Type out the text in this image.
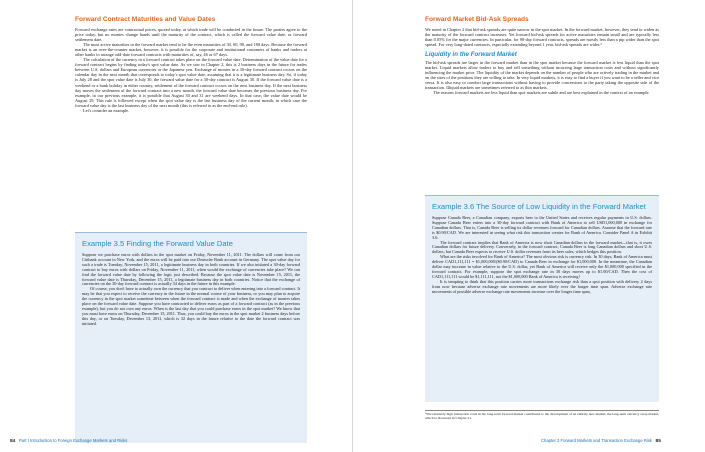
Forward Contract Maturities and Value Dates

Forward exchange rates are contractual prices, quoted today, at which trade will be conducted in the future. The parties agree to the price today, but no monies change hands until the maturity of the contract, which is called the forward value date, or forward settlement date.

The most active maturities in the forward market tend to be the even maturities of 30, 60, 90, and 180 days. Because the forward market is an over-the-counter market, however, it is possible for the corporate and institutional customers of banks and traders at other banks to arrange odd-date forward contracts with maturities of, say, 46 or 67 days.

The calculation of the currency in a forward contract takes place on the forward value date. Determination of the value date for a forward contract begins by finding today's spot value date. As we saw in Chapter 2, this is 2 business days in the future for trades between U.S. dollars and European currencies or the Japanese yen. Exchange of monies in a 30-day forward contract occurs on the calendar day in the next month that corresponds to today's spot value date, assuming that it is a legitimate business day. So, if today is July 28 and the spot value date is July 30, the forward value date for a 30-day contract is August 30. If the forward value date is a weekend or a bank holiday in either country, settlement of the forward contract occurs on the next business day. If the next business day moves the settlement of the forward contract into a new month, the forward value date becomes the previous business day. For example, in our previous example, it is possible that August 30 and 31 are weekend days. In that case, the value date would be August 29. This rule is followed except when the spot value day is the last business day of the current month, in which case the forward value day is the last business day of the next month (this is referred to as the end-end rule).

Let's consider an example.

Example 3.5 Finding the Forward Value Date

Suppose we purchase euros with dollars in the spot market on Friday, November 11, 2011. The dollars will come from our Citibank account in New York, and the euros will be paid into our Deutsche Bank account in Germany. The spot value day for such a trade is Tuesday, November 15, 2011, a legitimate business day in both countries. If we also initiated a 30-day forward contract to buy euros with dollars on Friday, November 11, 2011, when would the exchange of currencies take place? We can find the forward value date by following the logic just described. Because the spot value date is November 15, 2011, the forward value date is Thursday, December 15, 2011, a legitimate business day in both countries. Notice that the exchange of currencies on the 30-day forward contract is actually 34 days in the future in this example.

Of course, you don't have to actually own the currency that you contract to deliver when entering into a forward contract. It may be that you expect to receive the currency in the future in the normal course of your business, or you may plan to acquire the currency in the spot market sometime between when the forward contract is made and when the exchange of monies takes place on the forward value date. Suppose you have contracted to deliver euros as part of a forward contract (as in the previous example), but you do not own any euros. When is the last day that you could purchase euros in the spot market? We know that you must have euros on Thursday, December 15, 2011. Thus, you could buy the euros in the spot market 2 business days before this day, or on Tuesday, December 13, 2011, which is 32 days in the future relative to the date the forward contract was initiated.

84 Part I Introduction to Foreign Exchange Markets and Risks
Forward Market Bid-Ask Spreads

We noted in Chapter 2 that bid-ask spreads are quite narrow in the spot market. In the forward market, however, they tend to widen as the maturity of the forward contract increases. Yet forward bid-ask spreads for active maturities remain small and are typically less than 0.05% for the major currencies. In particular, for 90-day forward contracts, spreads are mostly less than a pip wider than the spot spread. For very long-dated contracts, especially extending beyond 1 year, bid-ask spreads are wider.³

Liquidity in the Forward Market

The bid-ask spreads are larger in the forward market than in the spot market because the forward market is less liquid than the spot market. Liquid markets allow traders to buy and sell something without incurring large transaction costs and without significantly influencing the market price. The liquidity of the market depends on the number of people who are actively trading in the market and on the sizes of the positions they are willing to take. In very liquid markets, it is easy to find a buyer if you want to be a seller and vice versa. It is also easy to conduct large transactions without having to provide concessions to the party taking the opposite side of the transaction. Illiquid markets are sometimes referred to as thin markets.

The reasons forward markets are less liquid than spot markets are subtle and are best explained in the context of an example.

Example 3.6 The Source of Low Liquidity in the Forward Market

Suppose Canada Beer, a Canadian company, exports beer to the United States and receives regular payments in U.S. dollars. Suppose Canada Beer enters into a 30-day forward contract with Bank of America to sell USD1,000,000 in exchange for Canadian dollars. That is, Canada Beer is selling its dollar revenues forward for Canadian dollars. Assume that the forward rate is $0.90/CAD. We are interested in seeing what risk this transaction creates for Bank of America. Consider Panel A in Exhibit 3.6.

The forward contract implies that Bank of America is now short Canadian dollars in the forward market—that is, it owes Canadian dollars for future delivery. Conversely, in the forward contract, Canada Beer is long Canadian dollars and short U.S. dollars, but Canada Beer expects to receive U.S. dollar revenues from its beer sales, which hedges this position.

What are the risks involved for Bank of America? The most obvious risk is currency risk. In 30 days, Bank of America must deliver CAD1,111,111 = $1,000,000/($0.90/CAD) to Canada Beer in exchange for $1,000,000. In the meantime, the Canadian dollar may increase in value relative to the U.S. dollar, yet Bank of America will receive only the $1,000,000 specified in the forward contract. For example, suppose the spot exchange rate in 30 days moves up to $1.00/CAD. Then the cost of CAD1,111,111 would be $1,111,111, not the $1,000,000 Bank of America is receiving!

It is tempting to think that this position carries more transactions exchange risk than a spot position with delivery 2 days from now because adverse exchange rate movements are more likely over the longer time span. Adverse exchange rate movements of possible adverse exchange rate movements increase over the longer time span,

³The relatively high transaction costs in the long-term forward market contributed to the development of an entirely new market, the long-term currency swap market, which is discussed in Chapter 21.

Chapter 3 Forward Markets and Transaction Exchange Risk 85
